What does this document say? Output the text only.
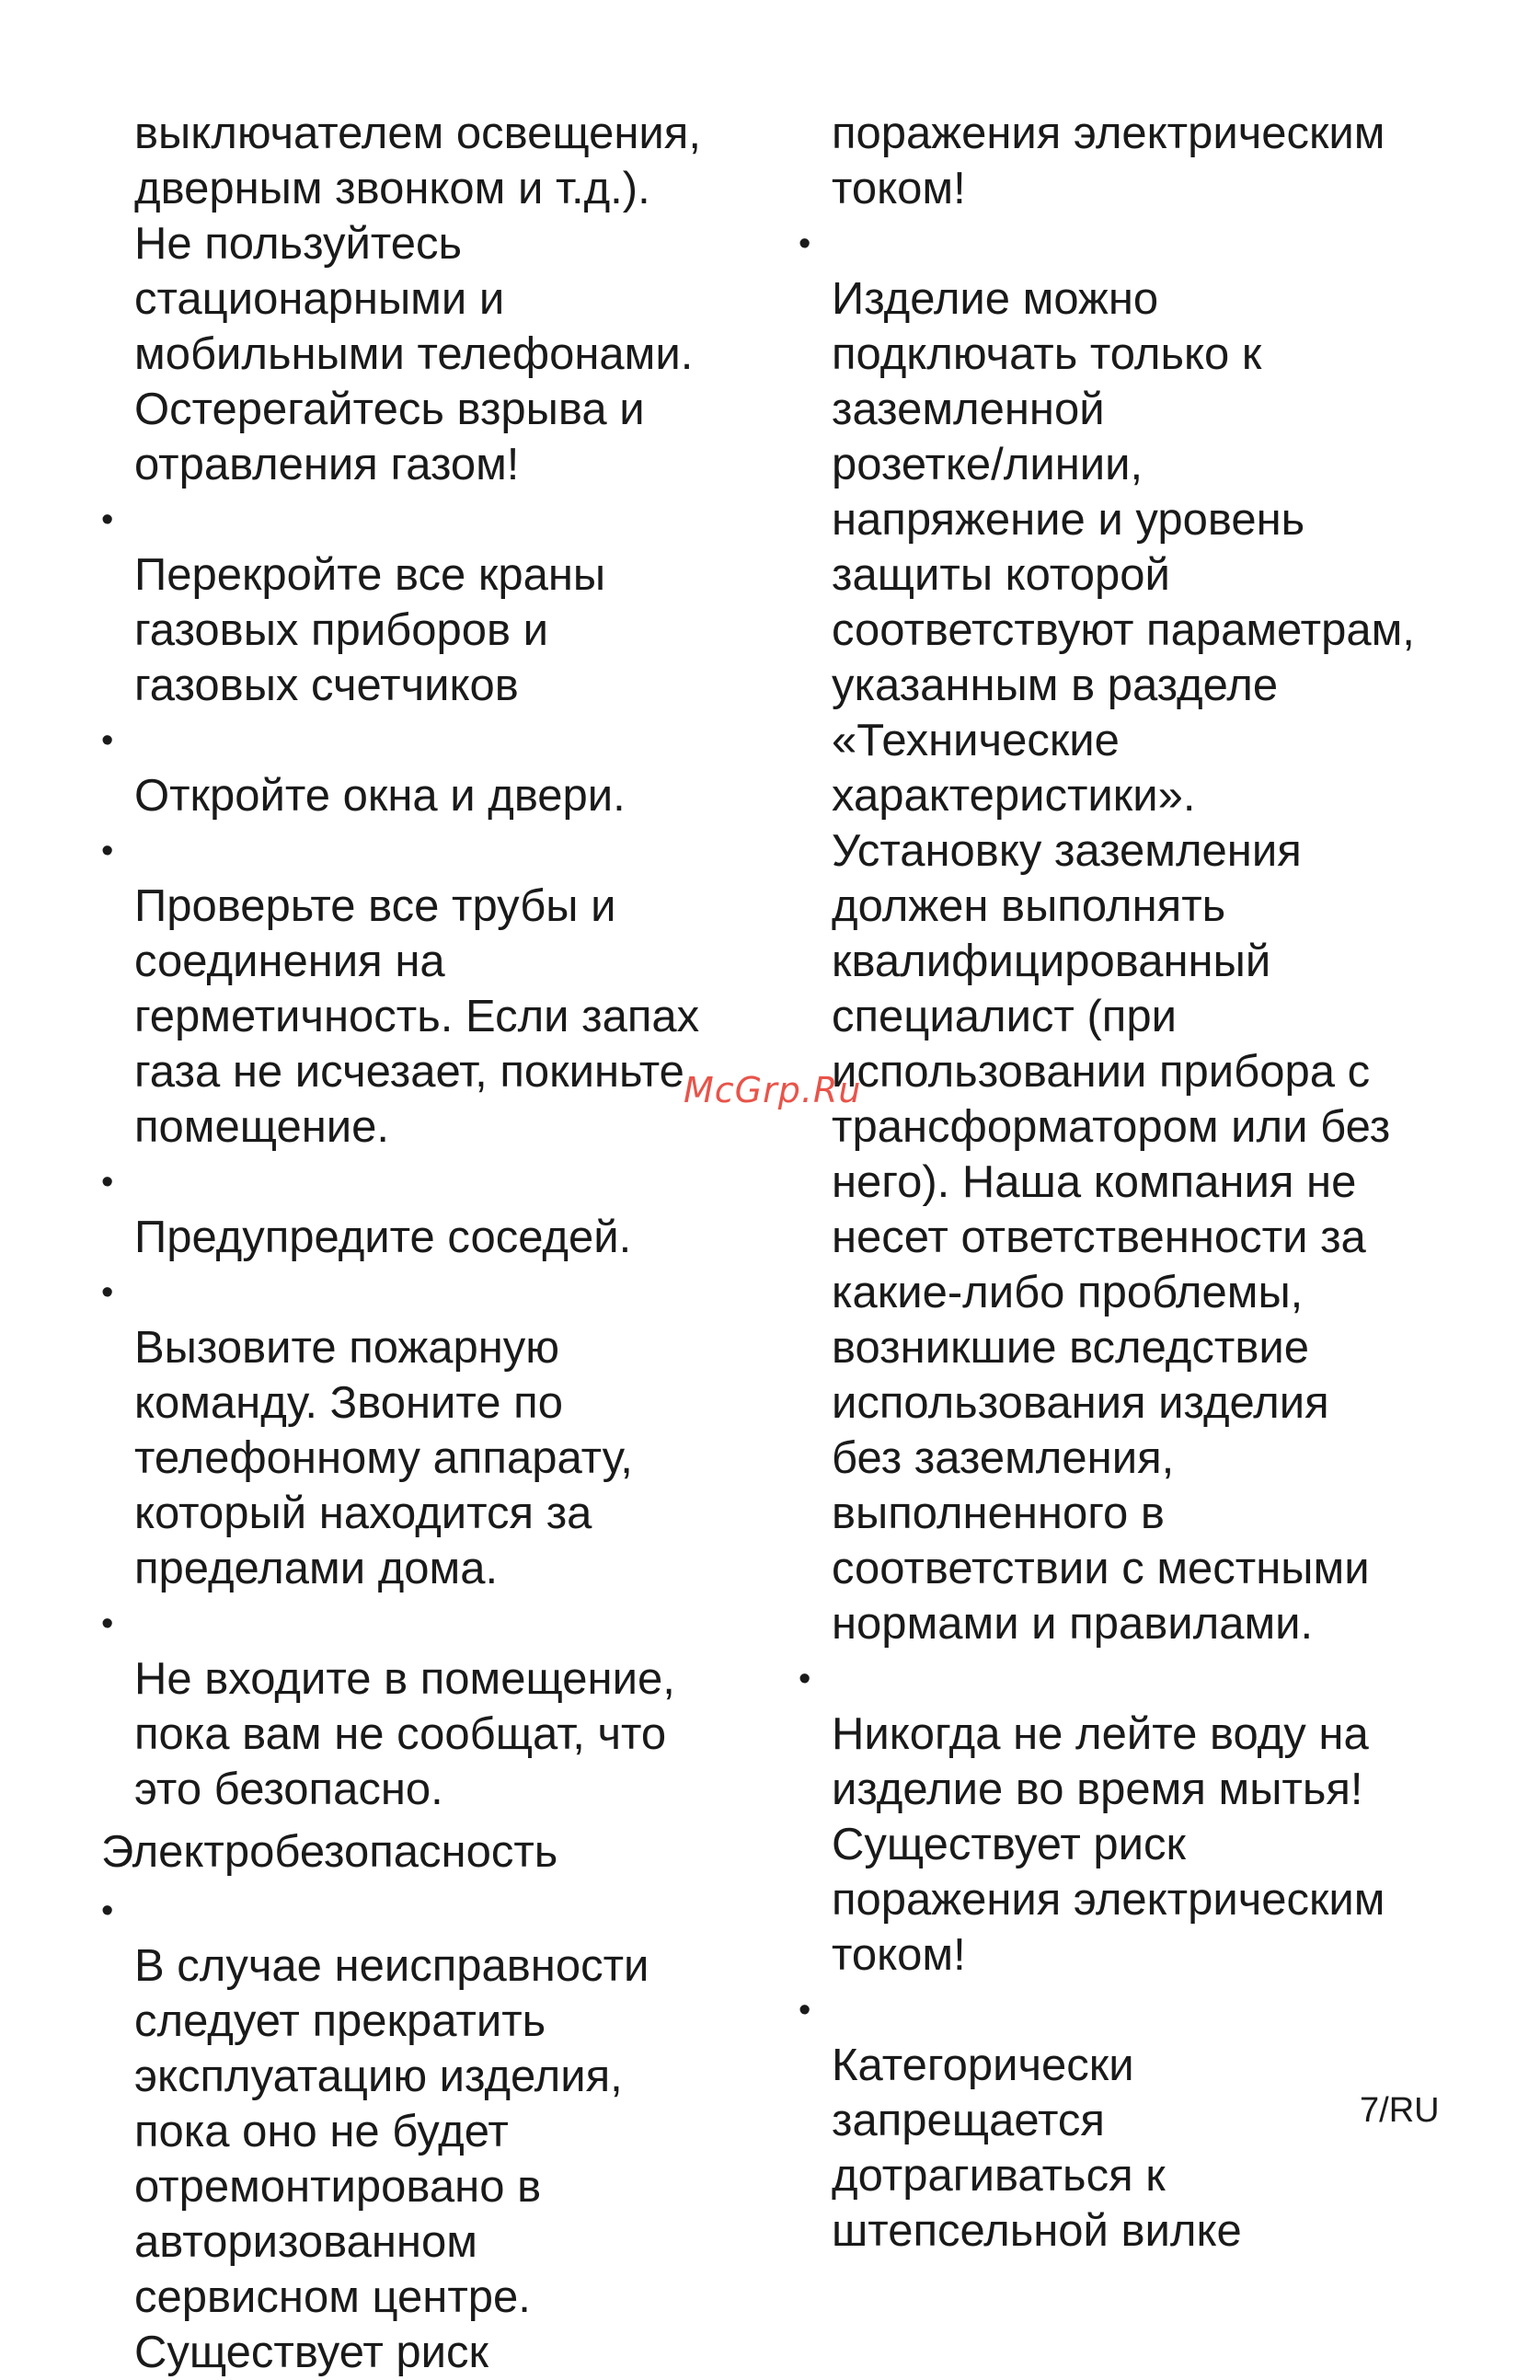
выключателем освещения,
дверным звонком и т.д.).
Не пользуйтесь
стационарными и
мобильными телефонами.
Остерегайтесь взрыва и
отравления газом!

•
Перекройте все краны
газовых приборов и
газовых счетчиков

•
Откройте окна и двери.

•
Проверьте все трубы и
соединения на
герметичность. Если запах
газа не исчезает, покиньте
помещение.

•
Предупредите соседей.

•
Вызовите пожарную
команду. Звоните по
телефонному аппарату,
который находится за
пределами дома.

•
Не входите в помещение,
пока вам не сообщат, что
это безопасно.

Электробезопасность

•
В случае неисправности
следует прекратить
эксплуатацию изделия,
пока оно не будет
отремонтировано в
авторизованном
сервисном центре.
Существует риск

поражения электрическим
током!

•
Изделие можно
подключать только к
заземленной
розетке/линии,
напряжение и уровень
защиты которой
соответствуют параметрам,
указанным в разделе
«Технические
характеристики».
Установку заземления
должен выполнять
квалифицированный
специалист (при
использовании прибора с
трансформатором или без
него). Наша компания не
несет ответственности за
какие-либо проблемы,
возникшие вследствие
использования изделия
без заземления,
выполненного в
соответствии с местными
нормами и правилами.

•
Никогда не лейте воду на
изделие во время мытья!
Существует риск
поражения электрическим
током!

•
Категорически
запрещается
дотрагиваться к
штепсельной вилке

McGrp.Ru
7/RU
